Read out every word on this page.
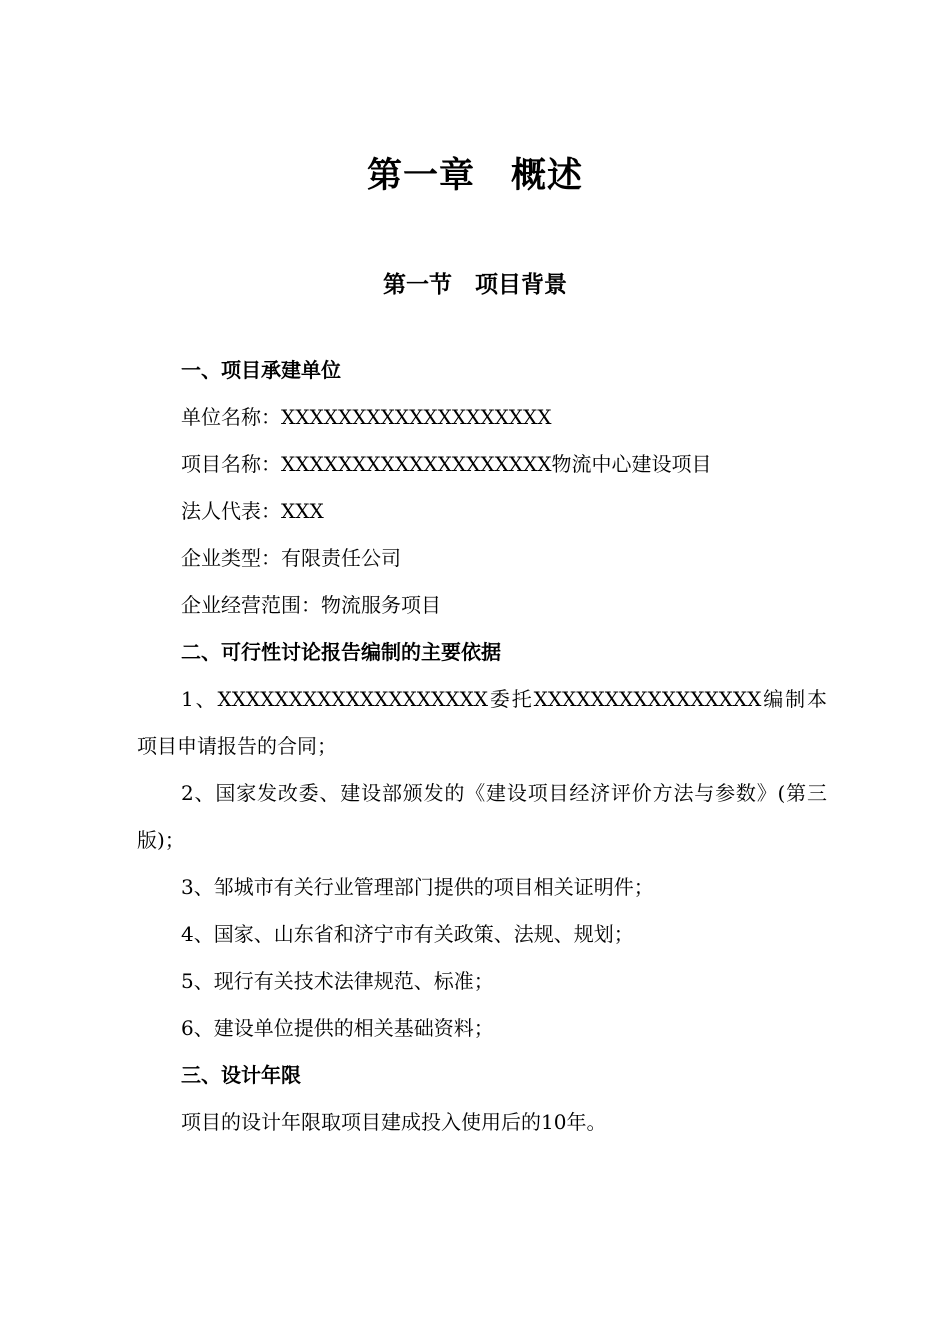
第一章　概述
第一节　项目背景
一、项目承建单位

单位名称：XXXXXXXXXXXXXXXXXXX

项目名称：XXXXXXXXXXXXXXXXXXX物流中心建设项目

法人代表：XXX

企业类型：有限责任公司

企业经营范围：物流服务项目

二、可行性讨论报告编制的主要依据

1、XXXXXXXXXXXXXXXXXXX委托XXXXXXXXXXXXXXXX编制本项目申请报告的合同；

2、国家发改委、建设部颁发的《建设项目经济评价方法与参数》(第三版)；

3、邹城市有关行业管理部门提供的项目相关证明件；

4、国家、山东省和济宁市有关政策、法规、规划；

5、现行有关技术法律规范、标准；

6、建设单位提供的相关基础资料；

三、设计年限

项目的设计年限取项目建成投入使用后的10年。
